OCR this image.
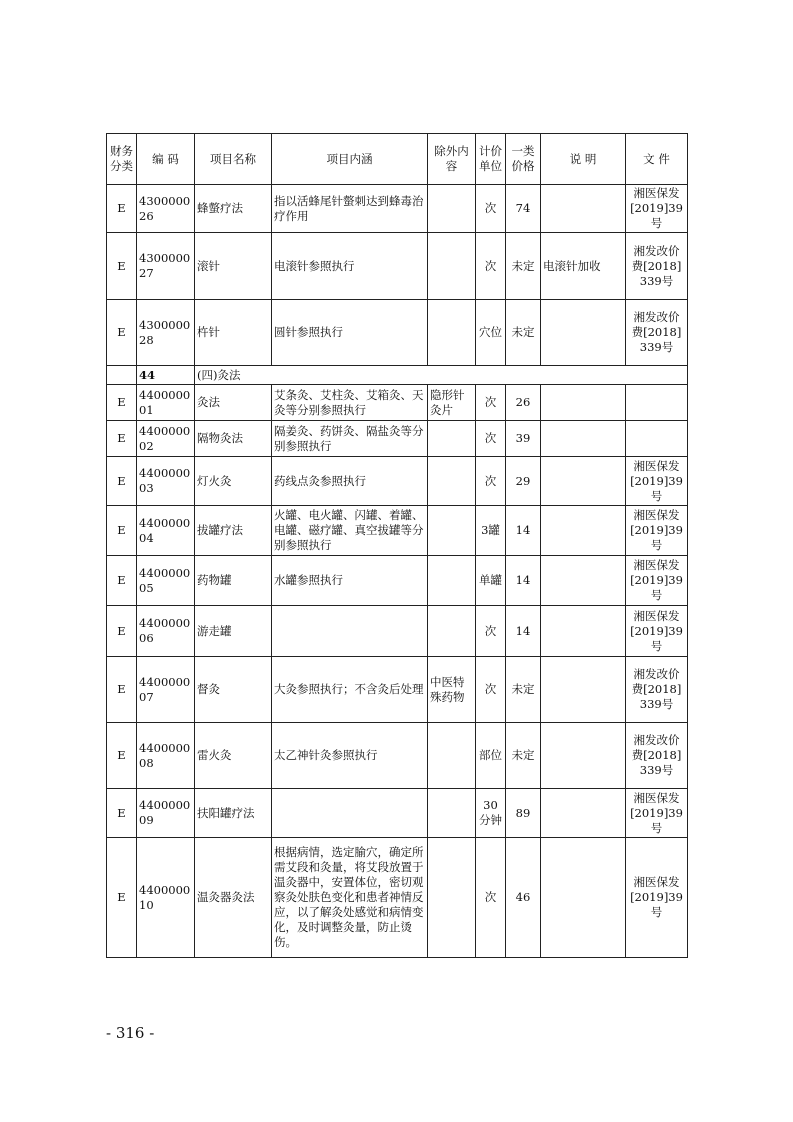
财务分类	编 码	项目名称	项目内涵	除外内容	计价单位	一类价格	说 明	文 件
E	430000026	蜂螫疗法	指以活蜂尾针螫刺达到蜂毒治疗作用		次	74		湘医保发[2019]39号
E	430000027	滚针	电滚针参照执行		次	未定	电滚针加收	湘发改价费[2018]339号
E	430000028	杵针	圆针参照执行		穴位	未定		湘发改价费[2018]339号
	44	(四)灸法						
E	440000001	灸法	艾条灸、艾柱灸、艾箱灸、天灸等分别参照执行	隐形针灸片	次	26		
E	440000002	隔物灸法	隔姜灸、药饼灸、隔盐灸等分别参照执行		次	39		
E	440000003	灯火灸	药线点灸参照执行		次	29		湘医保发[2019]39号
E	440000004	拔罐疗法	火罐、电火罐、闪罐、着罐、电罐、磁疗罐、真空拔罐等分别参照执行		3罐	14		湘医保发[2019]39号
E	440000005	药物罐	水罐参照执行		单罐	14		湘医保发[2019]39号
E	440000006	游走罐			次	14		湘医保发[2019]39号
E	440000007	督灸	大灸参照执行；不含灸后处理	中医特殊药物	次	未定		湘发改价费[2018]339号
E	440000008	雷火灸	太乙神针灸参照执行		部位	未定		湘发改价费[2018]339号
E	440000009	扶阳罐疗法			30分钟	89		湘医保发[2019]39号
E	440000010	温灸器灸法	根据病情，选定腧穴，确定所需艾段和灸量，将艾段放置于温灸器中，安置体位，密切观察灸处肤色变化和患者神情反应，以了解灸处感觉和病情变化，及时调整灸量，防止烫伤。		次	46		湘医保发[2019]39号
- 316 -
